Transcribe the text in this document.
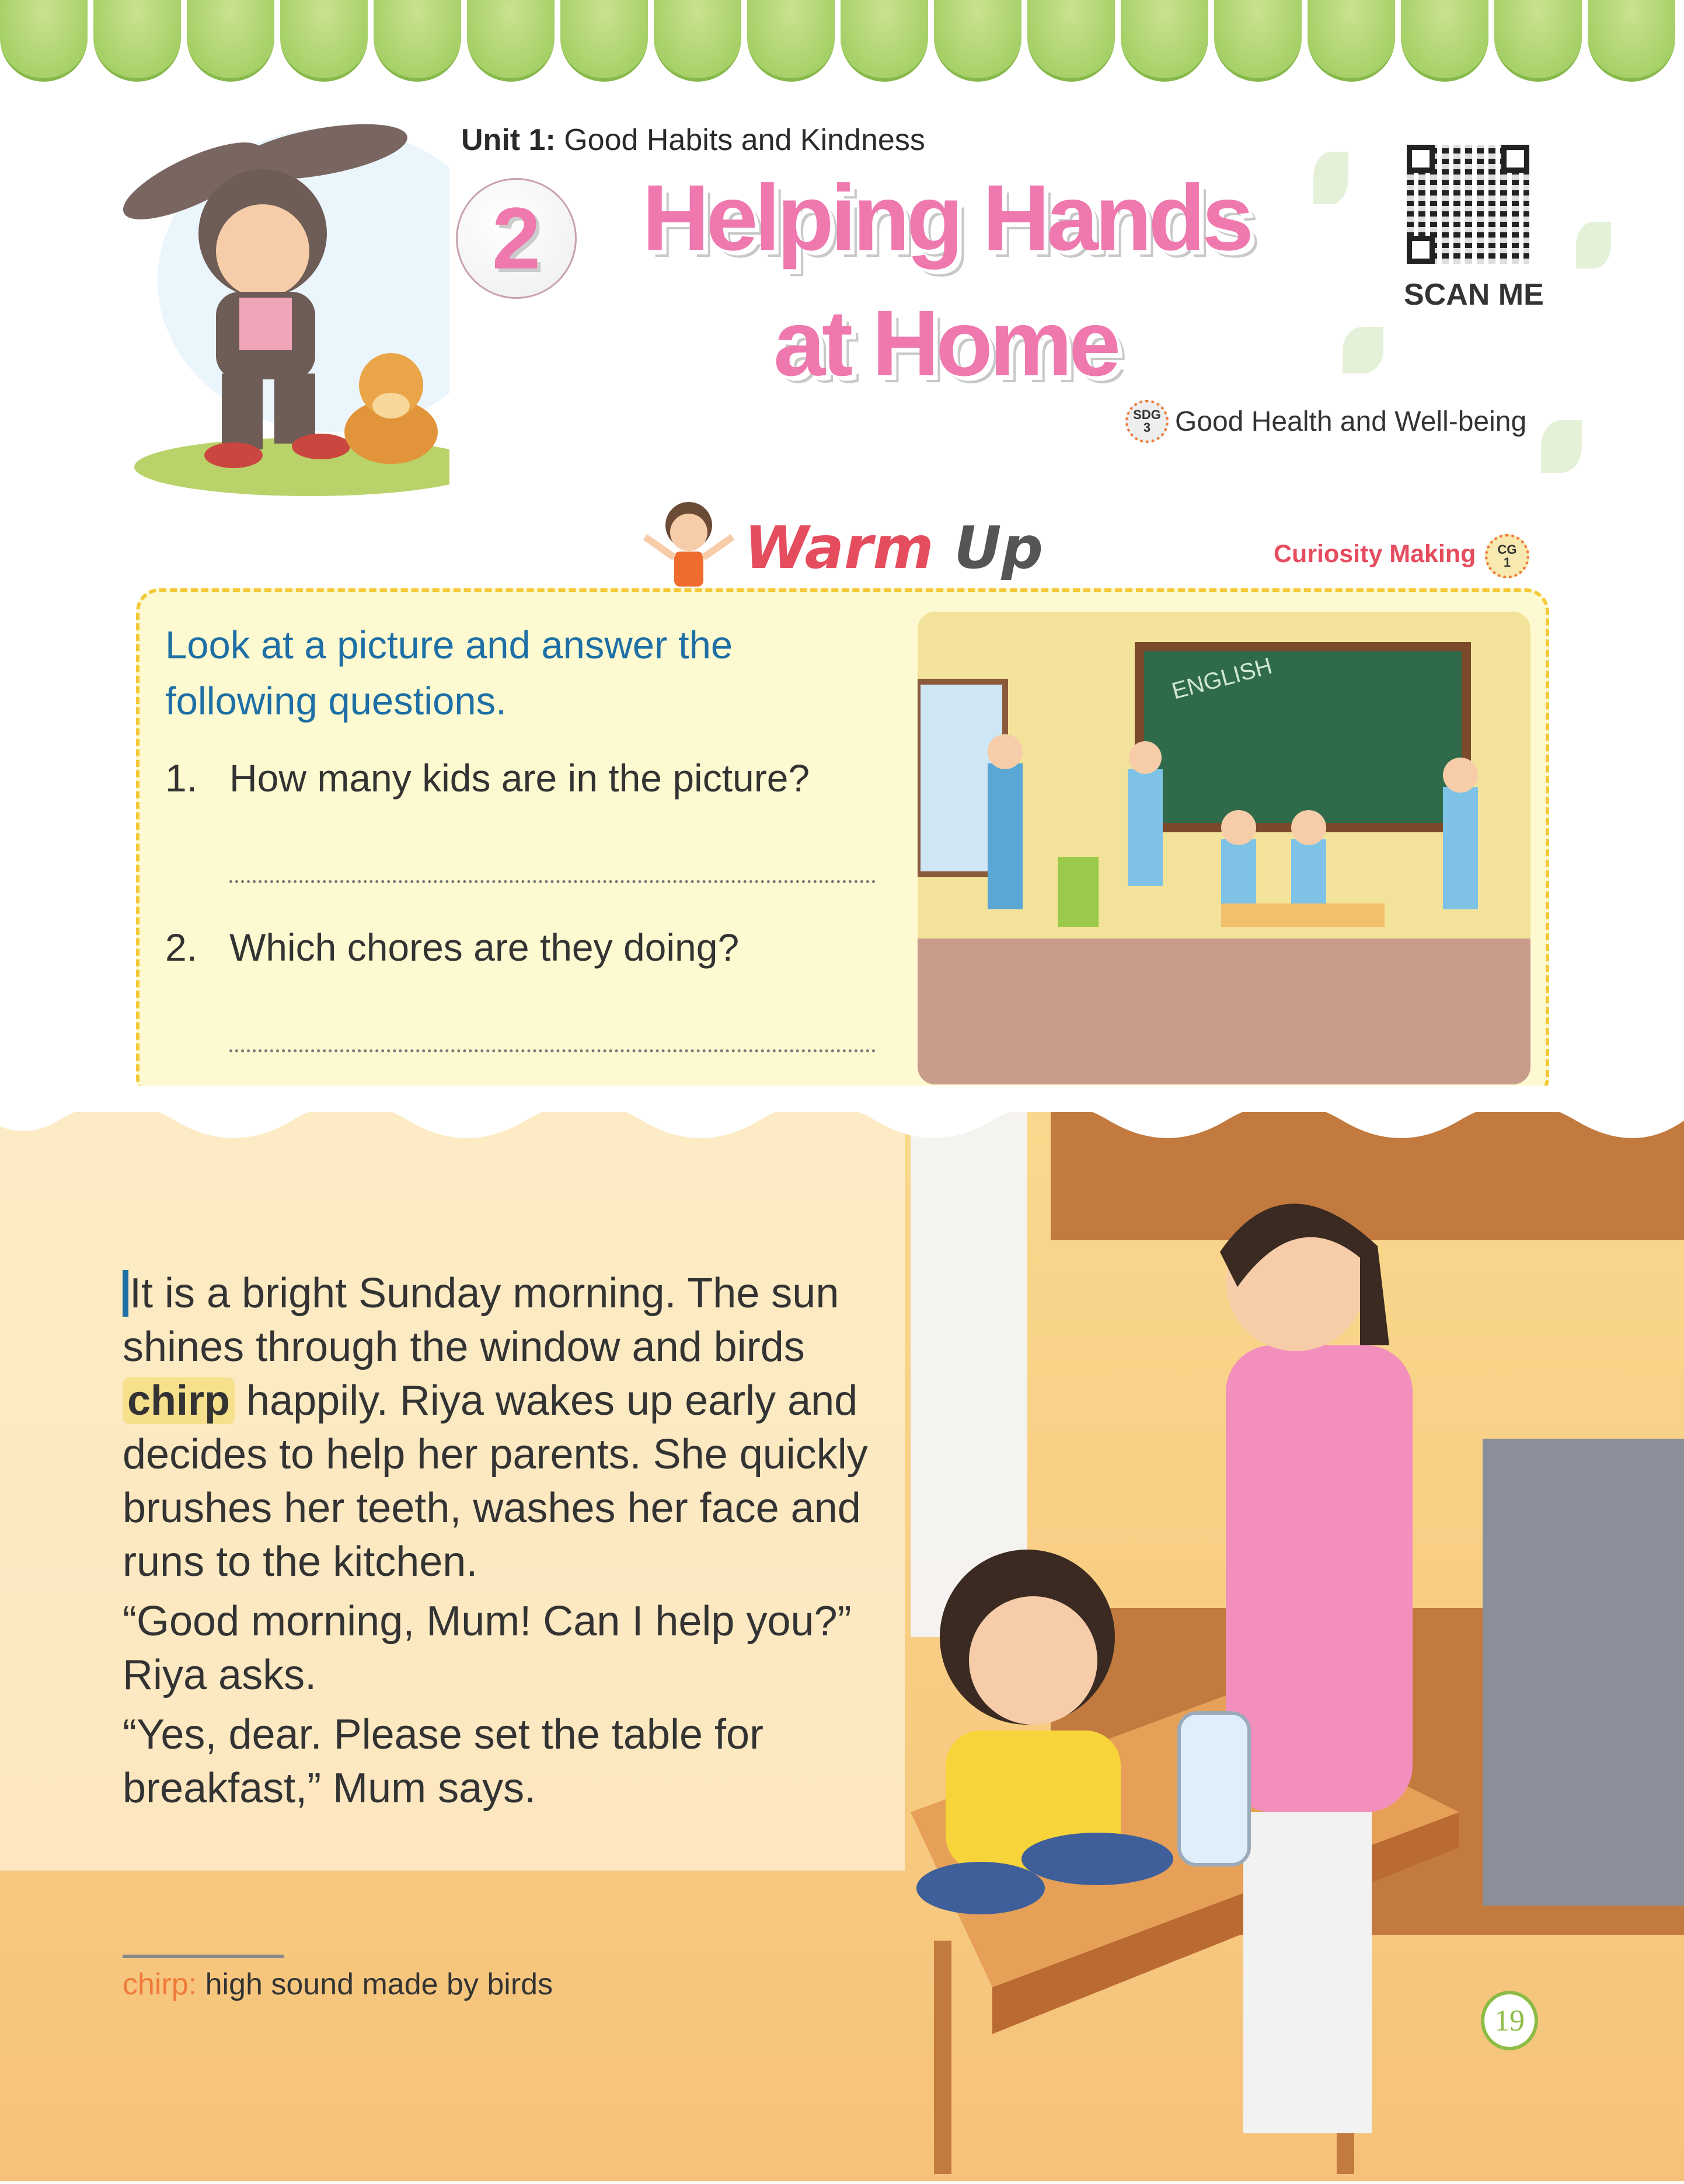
Unit 1: Good Habits and Kindness
2	Helping Hands
at Home	SCAN ME
SDG
3 Good Health and Well-being
Warm Up	Curiosity Making CG
1
Look at a picture and answer the following questions.
1. How many kids are in the picture?
2. Which chores are they doing?
ENGLISH

It is a bright Sunday morning. The sun shines through the window and birds chirp happily. Riya wakes up early and decides to help her parents. She quickly brushes her teeth, washes her face and runs to the kitchen.

“Good morning, Mum! Can I help you?” Riya asks.

“Yes, dear. Please set the table for breakfast,” Mum says.

chirp: high sound made by birds
19
